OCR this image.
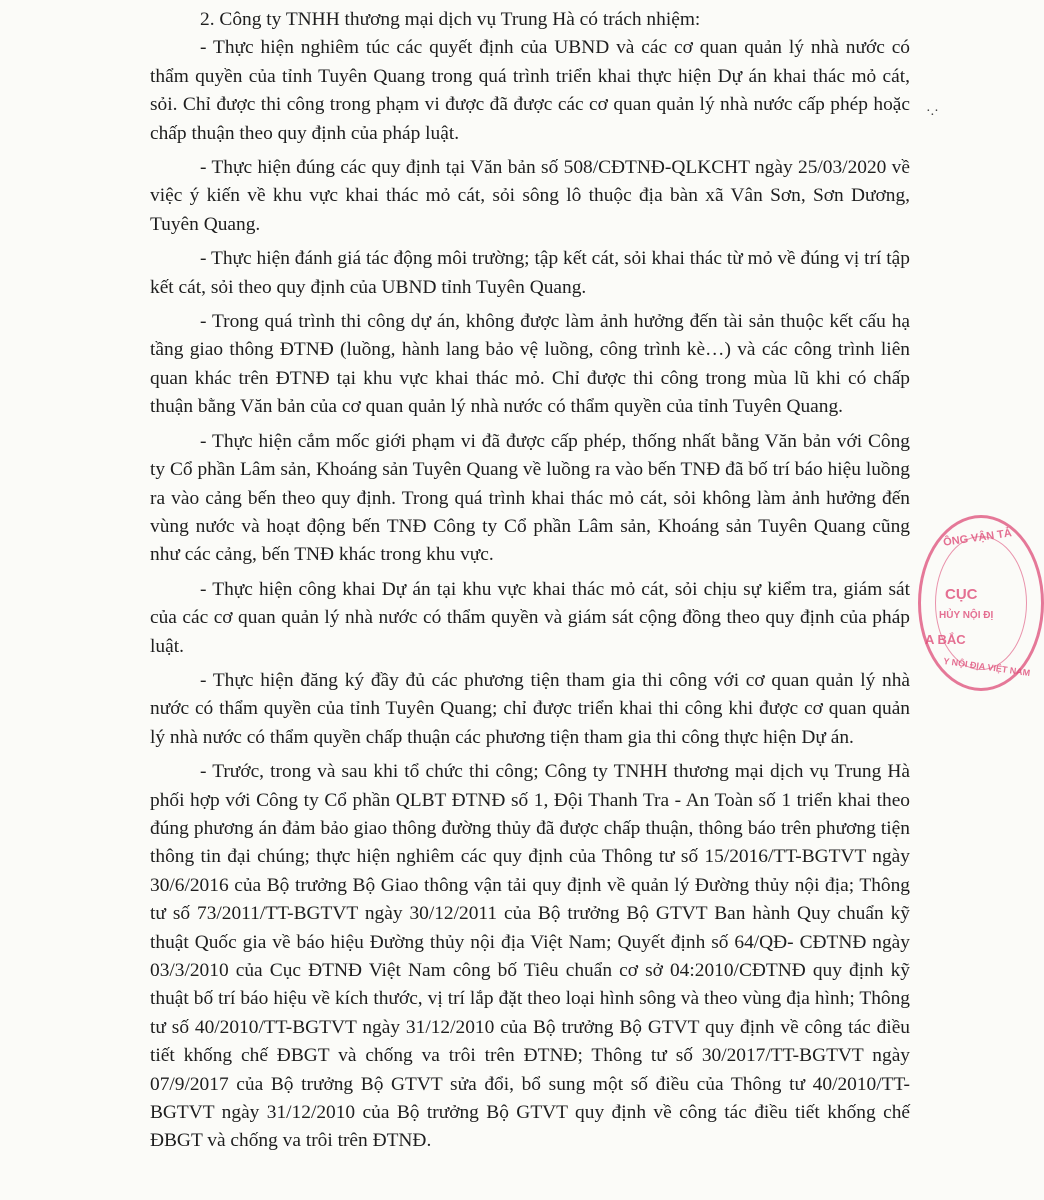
2. Công ty TNHH thương mại dịch vụ Trung Hà có trách nhiệm:

- Thực hiện nghiêm túc các quyết định của UBND và các cơ quan quản lý nhà nước có thẩm quyền của tỉnh Tuyên Quang trong quá trình triển khai thực hiện Dự án khai thác mỏ cát, sỏi. Chỉ được thi công trong phạm vi được đã được các cơ quan quản lý nhà nước cấp phép hoặc chấp thuận theo quy định của pháp luật.

- Thực hiện đúng các quy định tại Văn bản số 508/CĐTNĐ-QLKCHT ngày 25/03/2020 về việc ý kiến về khu vực khai thác mỏ cát, sỏi sông lô thuộc địa bàn xã Vân Sơn, Sơn Dương, Tuyên Quang.

- Thực hiện đánh giá tác động môi trường; tập kết cát, sỏi khai thác từ mỏ về đúng vị trí tập kết cát, sỏi theo quy định của UBND tỉnh Tuyên Quang.

- Trong quá trình thi công dự án, không được làm ảnh hưởng đến tài sản thuộc kết cấu hạ tầng giao thông ĐTNĐ (luồng, hành lang bảo vệ luồng, công trình kè…) và các công trình liên quan khác trên ĐTNĐ tại khu vực khai thác mỏ. Chỉ được thi công trong mùa lũ khi có chấp thuận bằng Văn bản của cơ quan quản lý nhà nước có thẩm quyền của tỉnh Tuyên Quang.

- Thực hiện cắm mốc giới phạm vi đã được cấp phép, thống nhất bằng Văn bản với Công ty Cổ phần Lâm sản, Khoáng sản Tuyên Quang về luồng ra vào bến TNĐ đã bố trí báo hiệu luồng ra vào cảng bến theo quy định. Trong quá trình khai thác mỏ cát, sỏi không làm ảnh hưởng đến vùng nước và hoạt động bến TNĐ Công ty Cổ phần Lâm sản, Khoáng sản Tuyên Quang cũng như các cảng, bến TNĐ khác trong khu vực.

- Thực hiện công khai Dự án tại khu vực khai thác mỏ cát, sỏi chịu sự kiểm tra, giám sát của các cơ quan quản lý nhà nước có thẩm quyền và giám sát cộng đồng theo quy định của pháp luật.

- Thực hiện đăng ký đầy đủ các phương tiện tham gia thi công với cơ quan quản lý nhà nước có thẩm quyền của tỉnh Tuyên Quang; chỉ được triển khai thi công khi được cơ quan quản lý nhà nước có thẩm quyền chấp thuận các phương tiện tham gia thi công thực hiện Dự án.

- Trước, trong và sau khi tổ chức thi công; Công ty TNHH thương mại dịch vụ Trung Hà phối hợp với Công ty Cổ phần QLBT ĐTNĐ số 1, Đội Thanh Tra - An Toàn số 1 triển khai theo đúng phương án đảm bảo giao thông đường thủy đã được chấp thuận, thông báo trên phương tiện thông tin đại chúng; thực hiện nghiêm các quy định của Thông tư số 15/2016/TT-BGTVT ngày 30/6/2016 của Bộ trưởng Bộ Giao thông vận tải quy định về quản lý Đường thủy nội địa; Thông tư số 73/2011/TT-BGTVT ngày 30/12/2011 của Bộ trưởng Bộ GTVT Ban hành Quy chuẩn kỹ thuật Quốc gia về báo hiệu Đường thủy nội địa Việt Nam; Quyết định số 64/QĐ- CĐTNĐ ngày 03/3/2010 của Cục ĐTNĐ Việt Nam công bố Tiêu chuẩn cơ sở 04:2010/CĐTNĐ quy định kỹ thuật bố trí báo hiệu về kích thước, vị trí lắp đặt theo loại hình sông và theo vùng địa hình; Thông tư số 40/2010/TT-BGTVT ngày 31/12/2010 của Bộ trưởng Bộ GTVT quy định về công tác điều tiết khống chế ĐBGT và chống va trôi trên ĐTNĐ; Thông tư số 30/2017/TT-BGTVT ngày 07/9/2017 của Bộ trưởng Bộ GTVT sửa đổi, bổ sung một số điều của Thông tư 40/2010/TT-BGTVT ngày 31/12/2010 của Bộ trưởng Bộ GTVT quy định về công tác điều tiết khống chế ĐBGT và chống va trôi trên ĐTNĐ.

·.·
ÔNG VẬN TẢ
CỤC
HỦY NỘI ĐỊ
A BẮC
Y NỘI ĐỊA VIỆT NAM
